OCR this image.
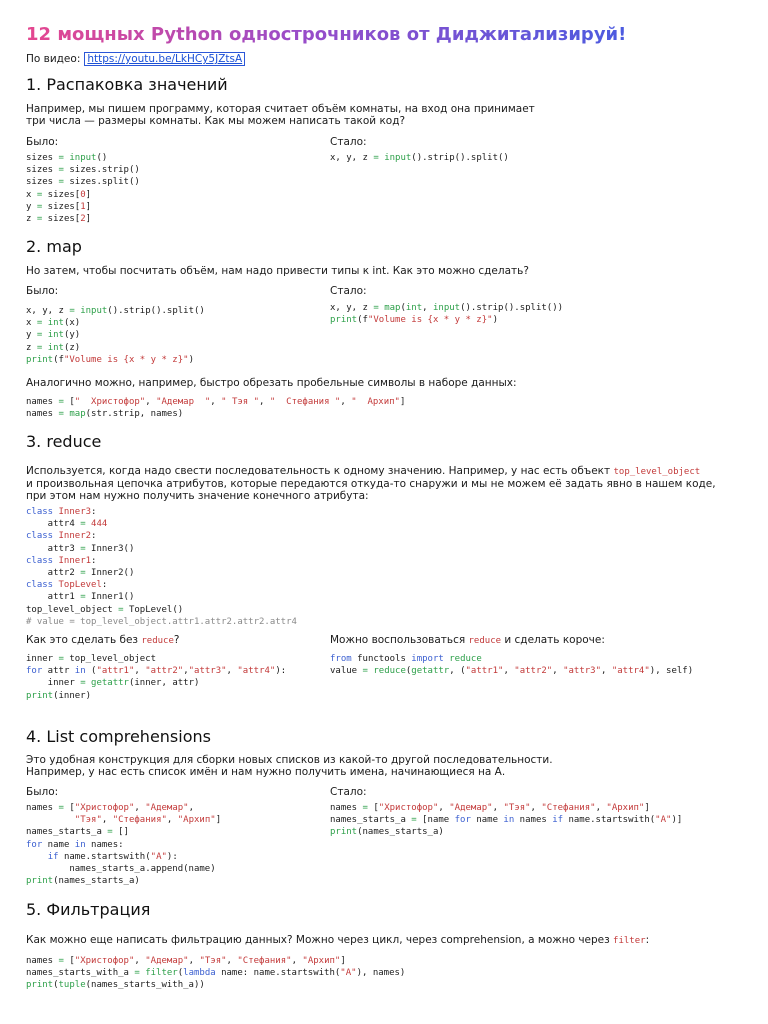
12 мощных Python однострочников от Диджитализируй!
По видео: https://youtu.be/LkHCy5JZtsA
1. Распаковка значений
Например, мы пишем программу, которая считает объём комнаты, на вход она принимает
три числа — размеры комнаты. Как мы можем написать такой код?
Было:	Стало:
sizes = input()
sizes = sizes.strip()
sizes = sizes.split()
x = sizes[0]
y = sizes[1]
z = sizes[2]
x, y, z = input().strip().split()
2. map
Но затем, чтобы посчитать объём, нам надо привести типы к int. Как это можно сделать?
Было:	Стало:
x, y, z = input().strip().split()
x = int(x)
y = int(y)
z = int(z)
print(f"Volume is {x * y * z}")
x, y, z = map(int, input().strip().split())
print(f"Volume is {x * y * z}")
Аналогично можно, например, быстро обрезать пробельные символы в наборе данных:
names = ["  Христофор", "Адемар  ", " Тэя ", "  Стефания ", "  Архип"]
names = map(str.strip, names)
3. reduce
Используется, когда надо свести последовательность к одному значению. Например, у нас есть объект top_level_object
и произвольная цепочка атрибутов, которые передаются откуда-то снаружи и мы не можем её задать явно в нашем коде,
при этом нам нужно получить значение конечного атрибута:
class Inner3:
attr4 = 444
class Inner2:
attr3 = Inner3()
class Inner1:
attr2 = Inner2()
class TopLevel:
attr1 = Inner1()
top_level_object = TopLevel()
# value = top_level_object.attr1.attr2.attr2.attr4
Как это сделать без reduce?	Можно воспользоваться reduce и сделать короче:
inner = top_level_object
for attr in ("attr1", "attr2","attr3", "attr4"):
inner = getattr(inner, attr)
print(inner)
from functools import reduce
value = reduce(getattr, ("attr1", "attr2", "attr3", "attr4"), self)
4. List comprehensions
Это удобная конструкция для сборки новых списков из какой-то другой последовательности.
Например, у нас есть список имён и нам нужно получить имена, начинающиеся на А.
Было:	Стало:
names = ["Христофор", "Адемар",
"Тэя", "Стефания", "Архип"]
names_starts_a = []
for name in names:
if name.startswith("А"):
names_starts_a.append(name)
print(names_starts_a)
names = ["Христофор", "Адемар", "Тэя", "Стефания", "Архип"]
names_starts_a = [name for name in names if name.startswith("А")]
print(names_starts_a)
5. Фильтрация
Как можно еще написать фильтрацию данных? Можно через цикл, через comprehension, а можно через filter:
names = ["Христофор", "Адемар", "Тэя", "Стефания", "Архип"]
names_starts_with_a = filter(lambda name: name.startswith("А"), names)
print(tuple(names_starts_with_a))
